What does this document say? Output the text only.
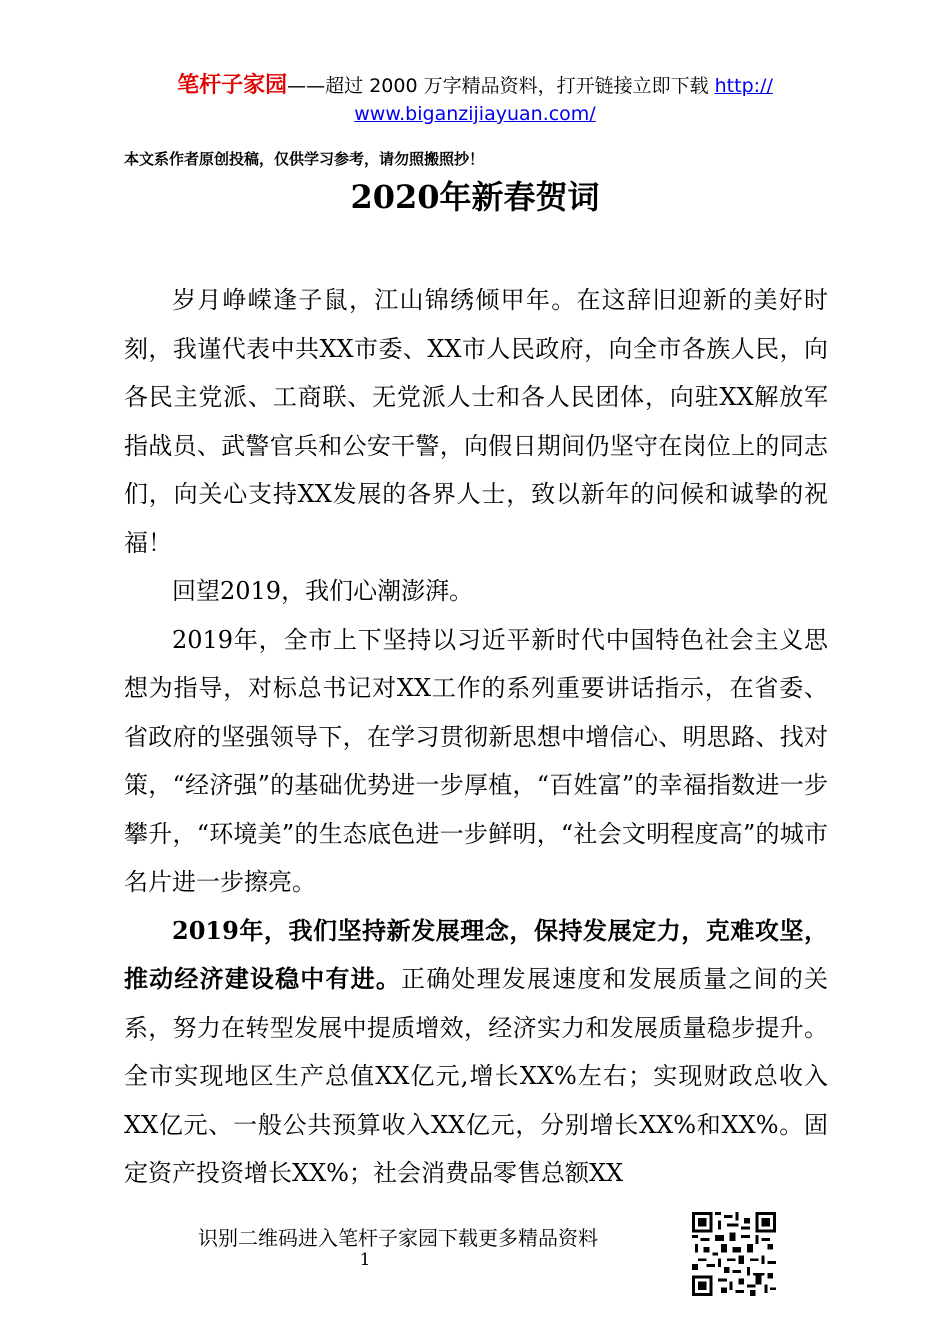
笔杆子家园——超过 2000 万字精品资料，打开链接立即下载 http://
www.biganzijiayuan.com/
本文系作者原创投稿，仅供学习参考，请勿照搬照抄！
2020年新春贺词

岁月峥嵘逢子鼠，江山锦绣倾甲年。在这辞旧迎新的美好时刻，我谨代表中共XX市委、XX市人民政府，向全市各族人民，向各民主党派、工商联、无党派人士和各人民团体，向驻XX解放军指战员、武警官兵和公安干警，向假日期间仍坚守在岗位上的同志们，向关心支持XX发展的各界人士，致以新年的问候和诚挚的祝福！

回望2019，我们心潮澎湃。

2019年，全市上下坚持以习近平新时代中国特色社会主义思想为指导，对标总书记对XX工作的系列重要讲话指示，在省委、省政府的坚强领导下，在学习贯彻新思想中增信心、明思路、找对策，“经济强”的基础优势进一步厚植，“百姓富”的幸福指数进一步攀升，“环境美”的生态底色进一步鲜明，“社会文明程度高”的城市名片进一步擦亮。

2019年，我们坚持新发展理念，保持发展定力，克难攻坚，推动经济建设稳中有进。正确处理发展速度和发展质量之间的关系，努力在转型发展中提质增效，经济实力和发展质量稳步提升。全市实现地区生产总值XX亿元,增长XX%左右；实现财政总收入XX亿元、一般公共预算收入XX亿元，分别增长XX%和XX%。固定资产投资增长XX%；社会消费品零售总额XX

识别二维码进入笔杆子家园下载更多精品资料
1
